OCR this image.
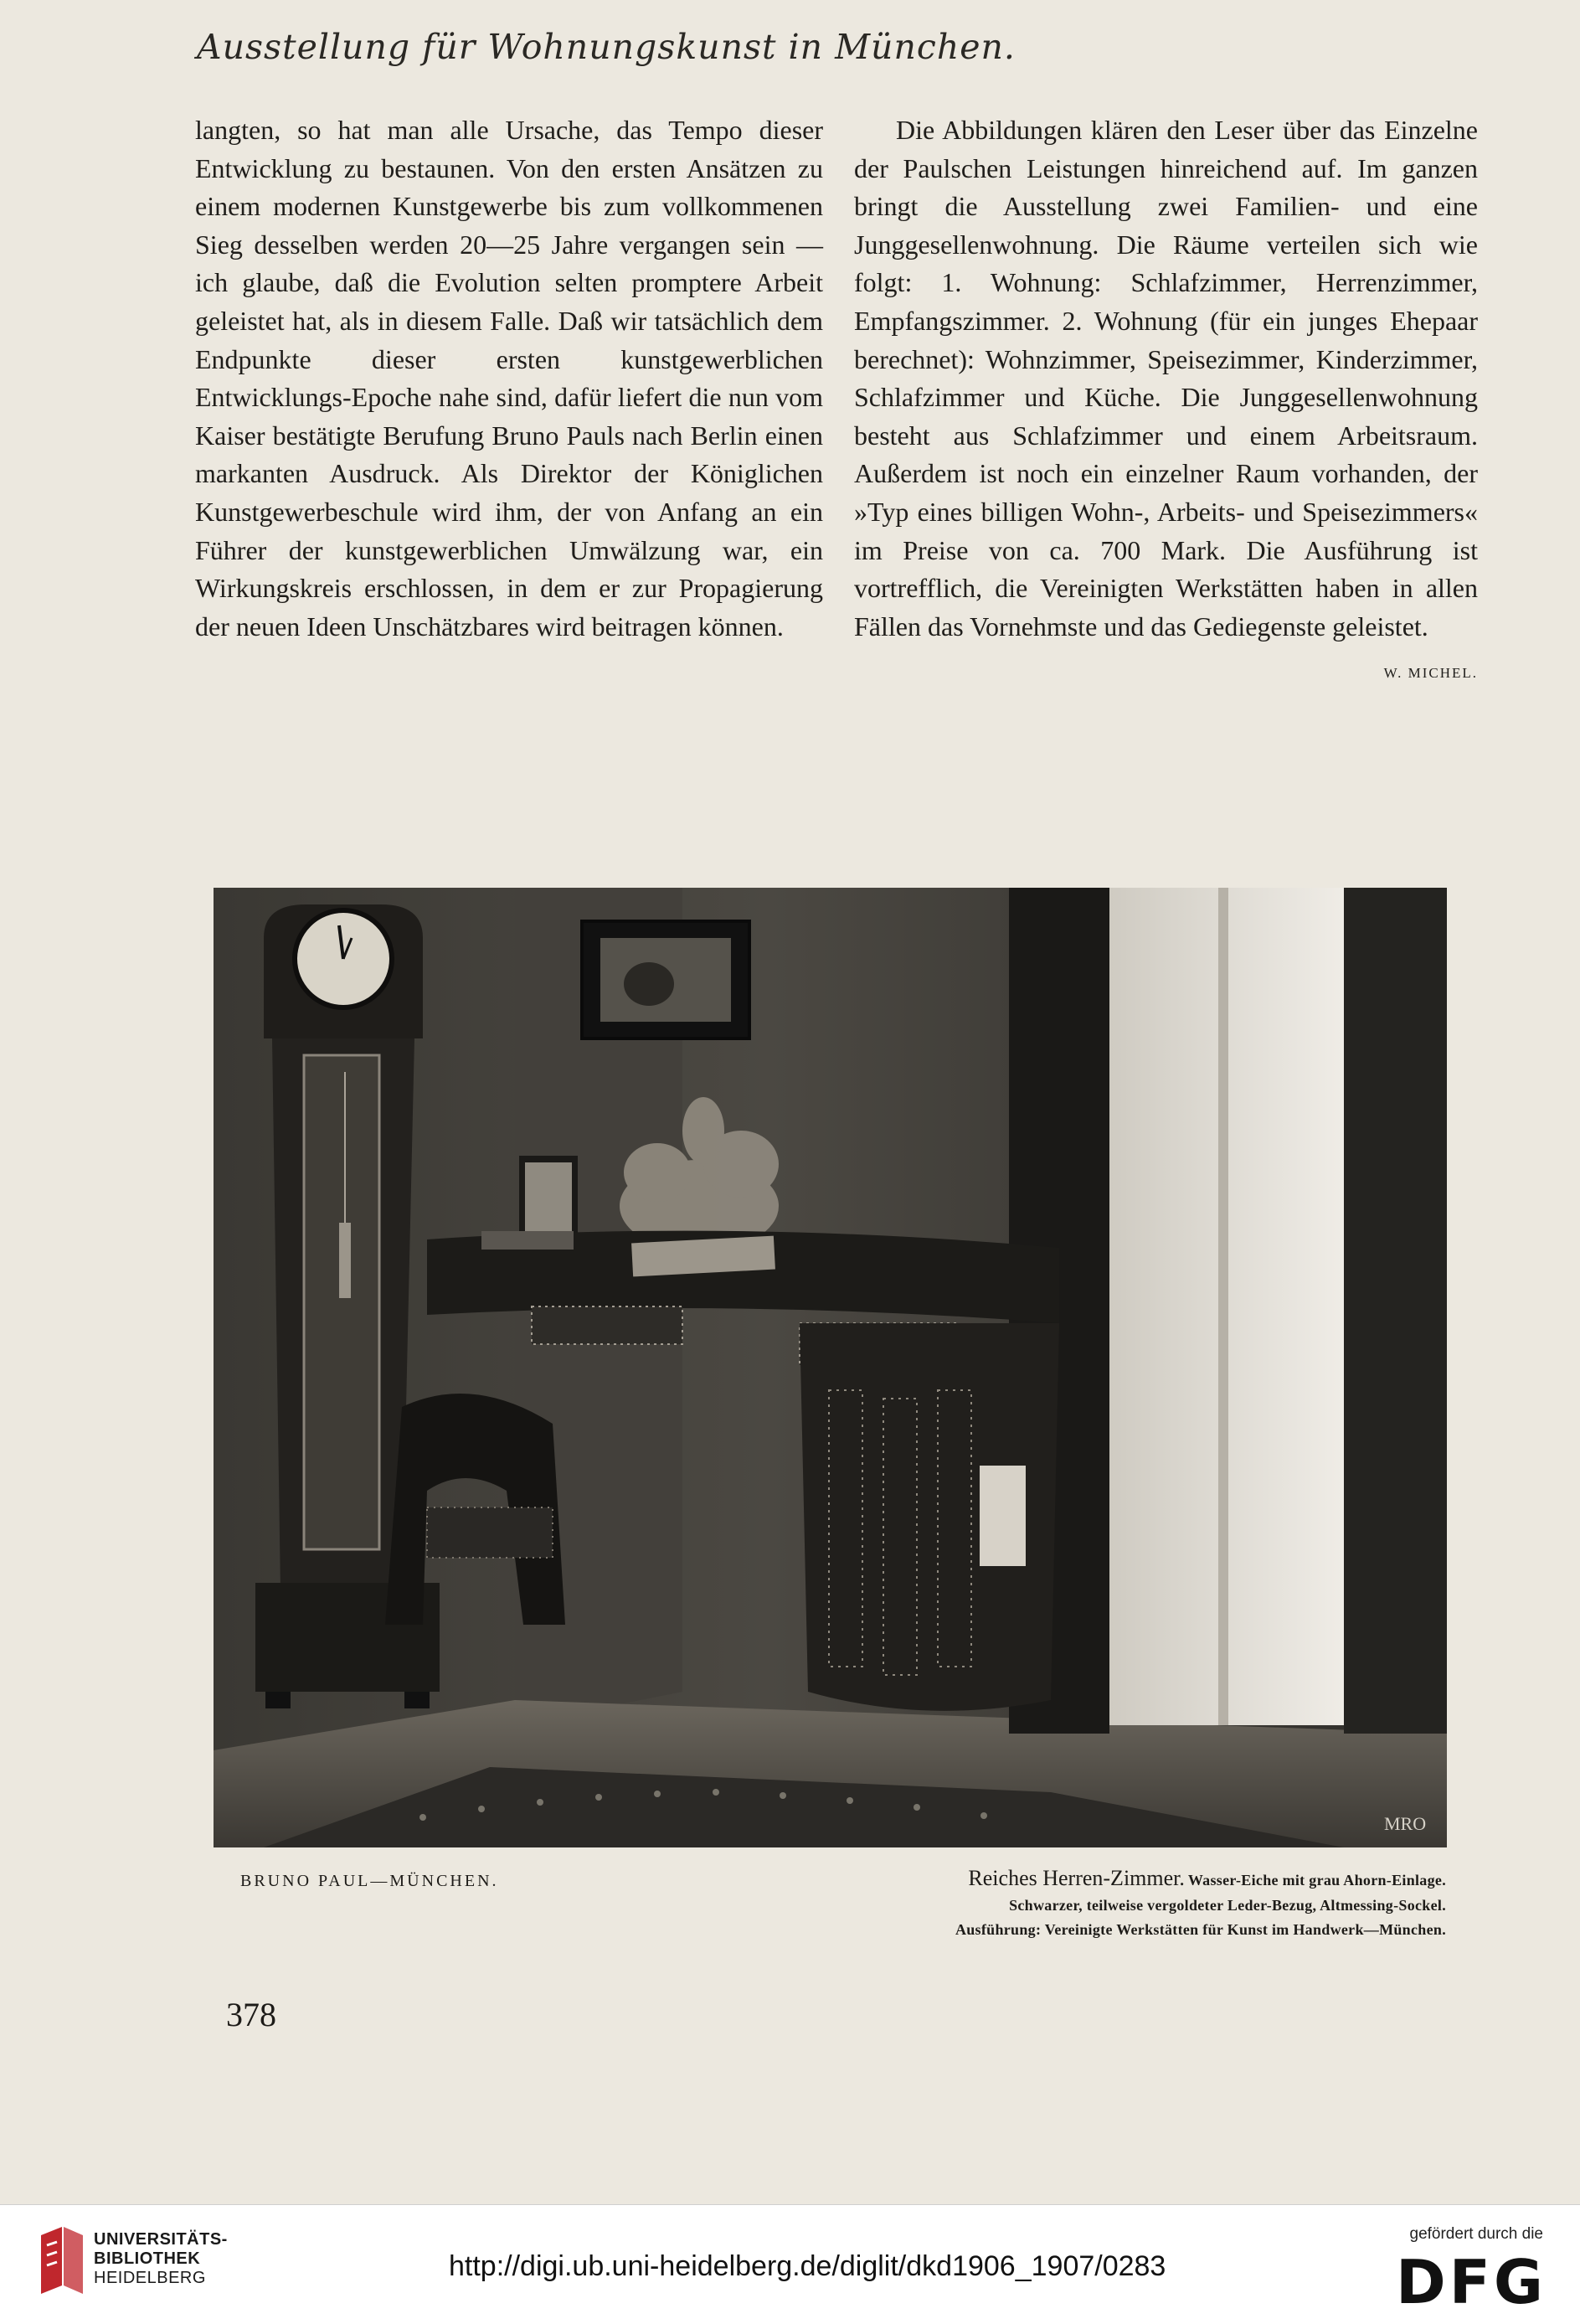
Ausstellung für Wohnungskunst in München.

langten, so hat man alle Ursache, das Tempo dieser Entwicklung zu bestaunen. Von den ersten Ansätzen zu einem modernen Kunstgewerbe bis zum vollkommenen Sieg desselben werden 20—25 Jahre vergangen sein — ich glaube, daß die Evolution selten promptere Arbeit geleistet hat, als in diesem Falle. Daß wir tatsächlich dem Endpunkte dieser ersten kunstgewerblichen Entwicklungs-Epoche nahe sind, dafür liefert die nun vom Kaiser bestätigte Berufung Bruno Pauls nach Berlin einen markanten Ausdruck. Als Direktor der Königlichen Kunstgewerbeschule wird ihm, der von Anfang an ein Führer der kunstgewerblichen Umwälzung war, ein Wirkungskreis erschlossen, in dem er zur Propagierung der neuen Ideen Unschätzbares wird beitragen können.

Die Abbildungen klären den Leser über das Einzelne der Paulschen Leistungen hinreichend auf. Im ganzen bringt die Ausstellung zwei Familien- und eine Junggesellenwohnung. Die Räume verteilen sich wie folgt: 1. Wohnung: Schlafzimmer, Herrenzimmer, Empfangszimmer. 2. Wohnung (für ein junges Ehepaar berechnet): Wohnzimmer, Speisezimmer, Kinderzimmer, Schlafzimmer und Küche. Die Junggesellenwohnung besteht aus Schlafzimmer und einem Arbeitsraum. Außerdem ist noch ein einzelner Raum vorhanden, der »Typ eines billigen Wohn-, Arbeits- und Speisezimmers« im Preise von ca. 700 Mark. Die Ausführung ist vortrefflich, die Vereinigten Werkstätten haben in allen Fällen das Vornehmste und das Gediegenste geleistet.

W. MICHEL.
MRO
BRUNO PAUL—MÜNCHEN.	Reiches Herren-Zimmer. Wasser-Eiche mit grau Ahorn-Einlage.
Schwarzer, teilweise vergoldeter Leder-Bezug, Altmessing-Sockel.
Ausführung: Vereinigte Werkstätten für Kunst im Handwerk—München.
378
UNIVERSITÄTS-
BIBLIOTHEK
HEIDELBERG	http://digi.ub.uni-heidelberg.de/diglit/dkd1906_1907/0283
gefördert durch die
DFG
